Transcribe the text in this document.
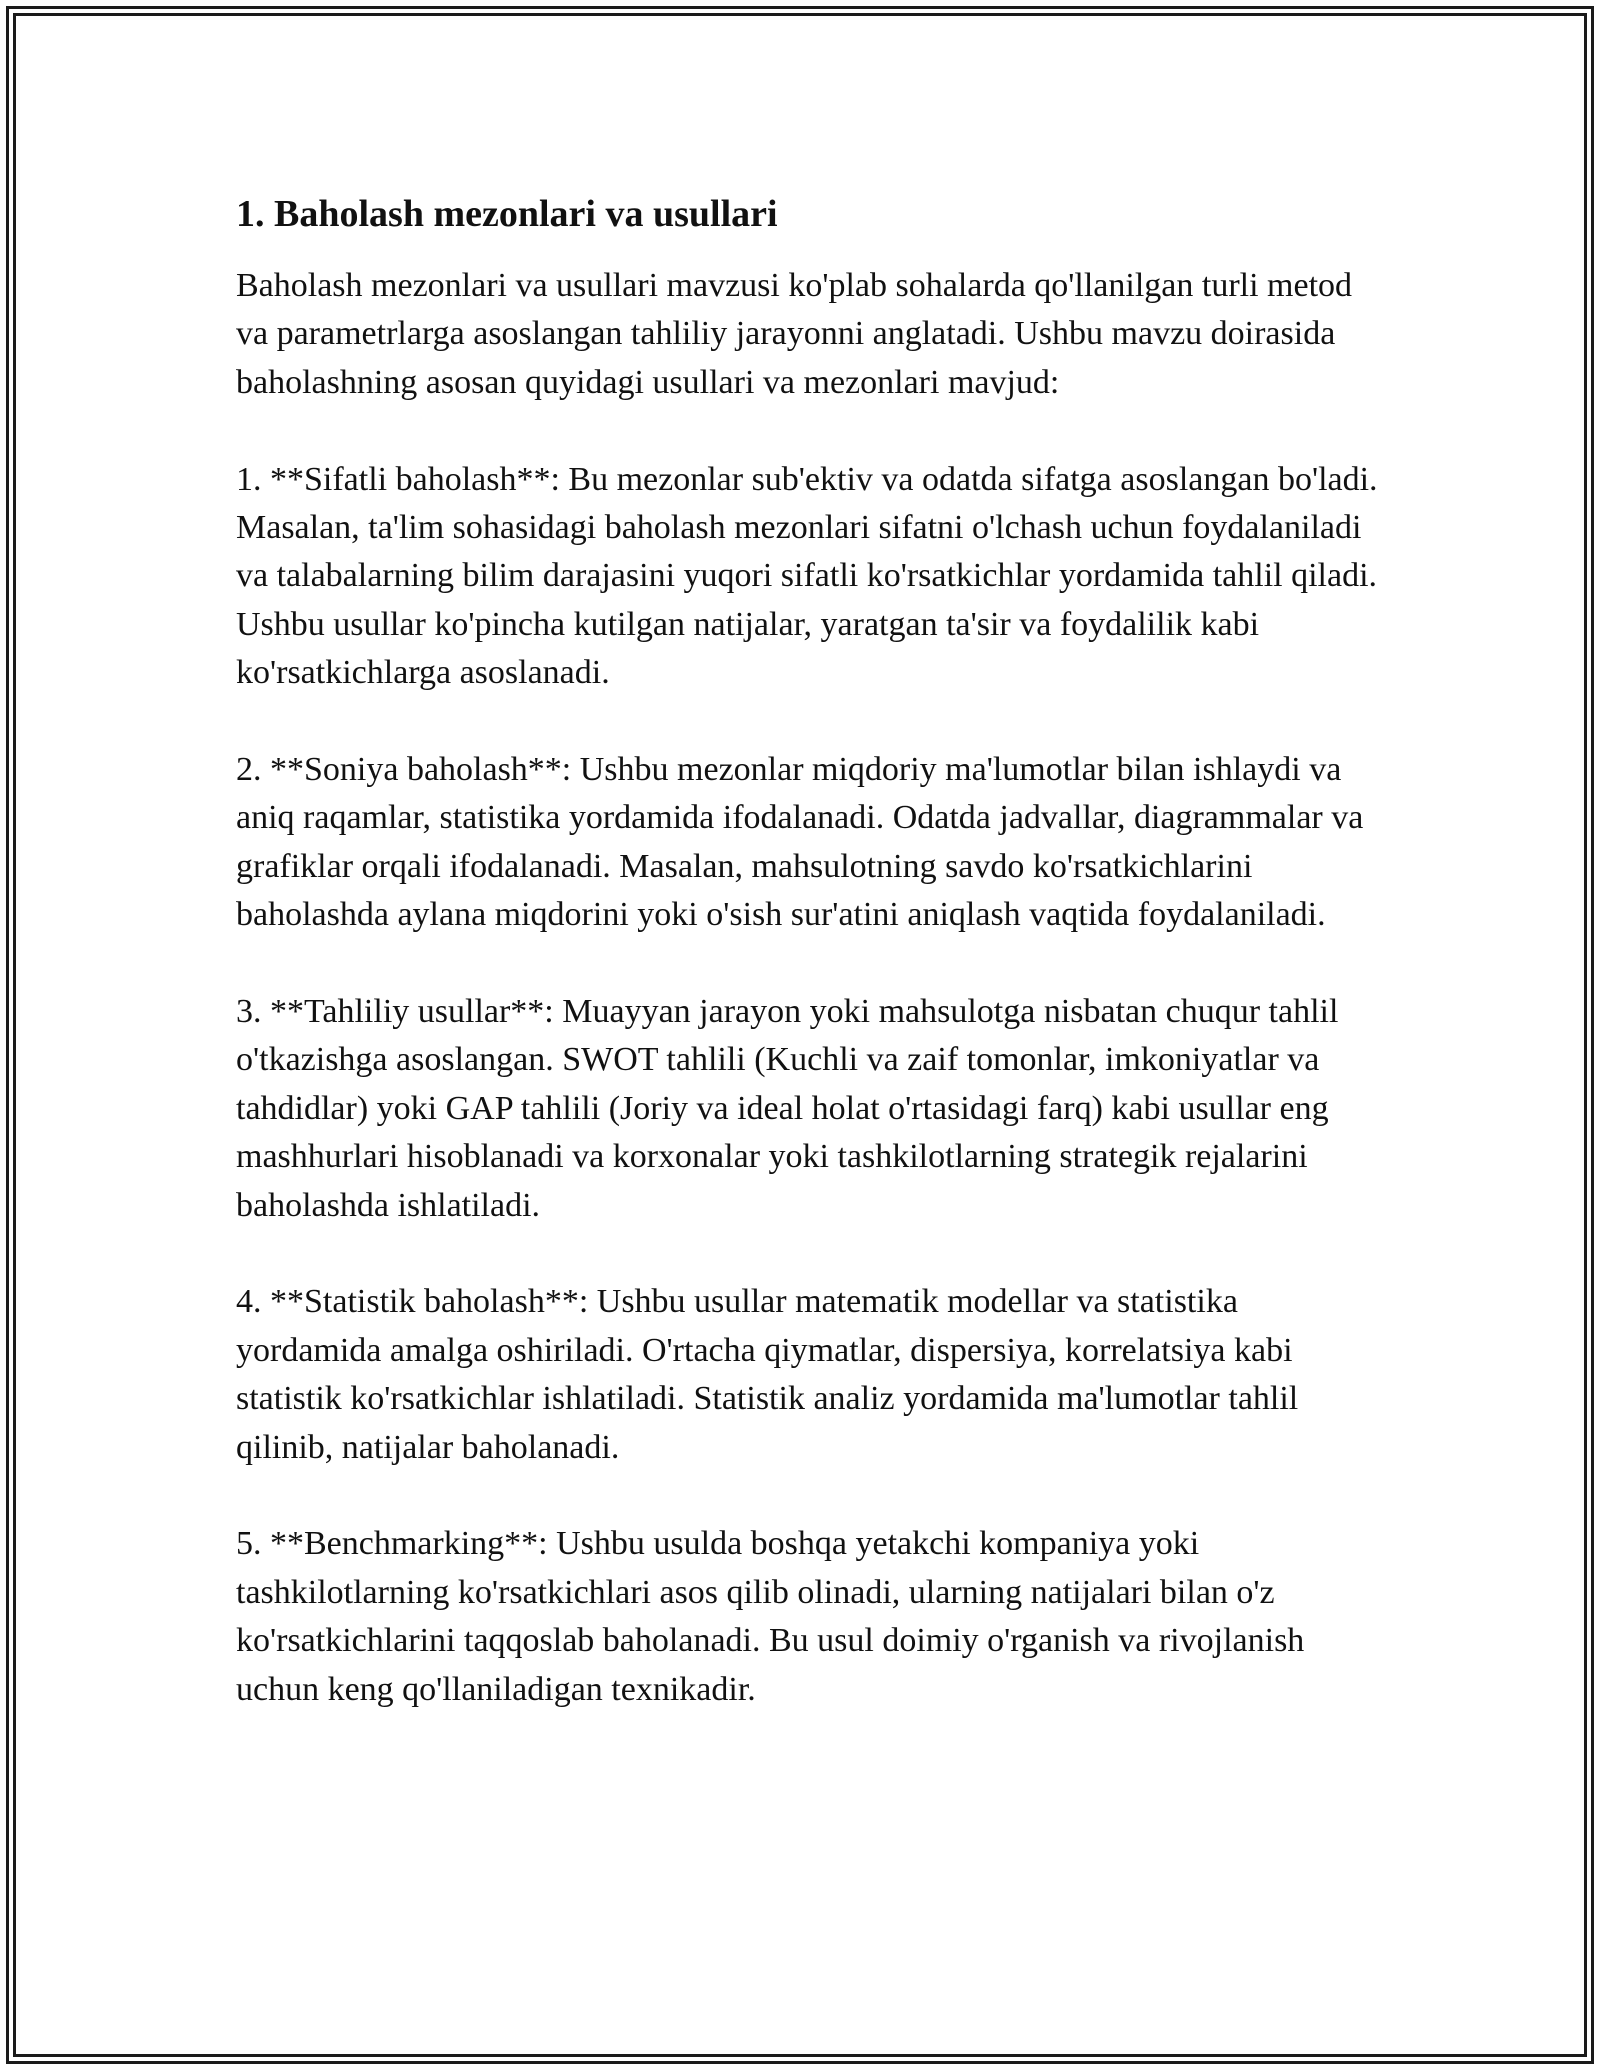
1. Baholash mezonlari va usullari

Baholash mezonlari va usullari mavzusi ko'plab sohalarda qo'llanilgan turli metod va parametrlarga asoslangan tahliliy jarayonni anglatadi. Ushbu mavzu doirasida baholashning asosan quyidagi usullari va mezonlari mavjud:

1. **Sifatli baholash**: Bu mezonlar sub'ektiv va odatda sifatga asoslangan bo'ladi. Masalan, ta'lim sohasidagi baholash mezonlari sifatni o'lchash uchun foydalaniladi va talabalarning bilim darajasini yuqori sifatli ko'rsatkichlar yordamida tahlil qiladi. Ushbu usullar ko'pincha kutilgan natijalar, yaratgan ta'sir va foydalilik kabi ko'rsatkichlarga asoslanadi.

2. **Soniya baholash**: Ushbu mezonlar miqdoriy ma'lumotlar bilan ishlaydi va aniq raqamlar, statistika yordamida ifodalanadi. Odatda jadvallar, diagrammalar va grafiklar orqali ifodalanadi. Masalan, mahsulotning savdo ko'rsatkichlarini baholashda aylana miqdorini yoki o'sish sur'atini aniqlash vaqtida foydalaniladi.

3. **Tahliliy usullar**: Muayyan jarayon yoki mahsulotga nisbatan chuqur tahlil o'tkazishga asoslangan. SWOT tahlili (Kuchli va zaif tomonlar, imkoniyatlar va tahdidlar) yoki GAP tahlili (Joriy va ideal holat o'rtasidagi farq) kabi usullar eng mashhurlari hisoblanadi va korxonalar yoki tashkilotlarning strategik rejalarini baholashda ishlatiladi.

4. **Statistik baholash**: Ushbu usullar matematik modellar va statistika yordamida amalga oshiriladi. O'rtacha qiymatlar, dispersiya, korrelatsiya kabi statistik ko'rsatkichlar ishlatiladi. Statistik analiz yordamida ma'lumotlar tahlil qilinib, natijalar baholanadi.

5. **Benchmarking**: Ushbu usulda boshqa yetakchi kompaniya yoki tashkilotlarning ko'rsatkichlari asos qilib olinadi, ularning natijalari bilan o'z ko'rsatkichlarini taqqoslab baholanadi. Bu usul doimiy o'rganish va rivojlanish uchun keng qo'llaniladigan texnikadir.
